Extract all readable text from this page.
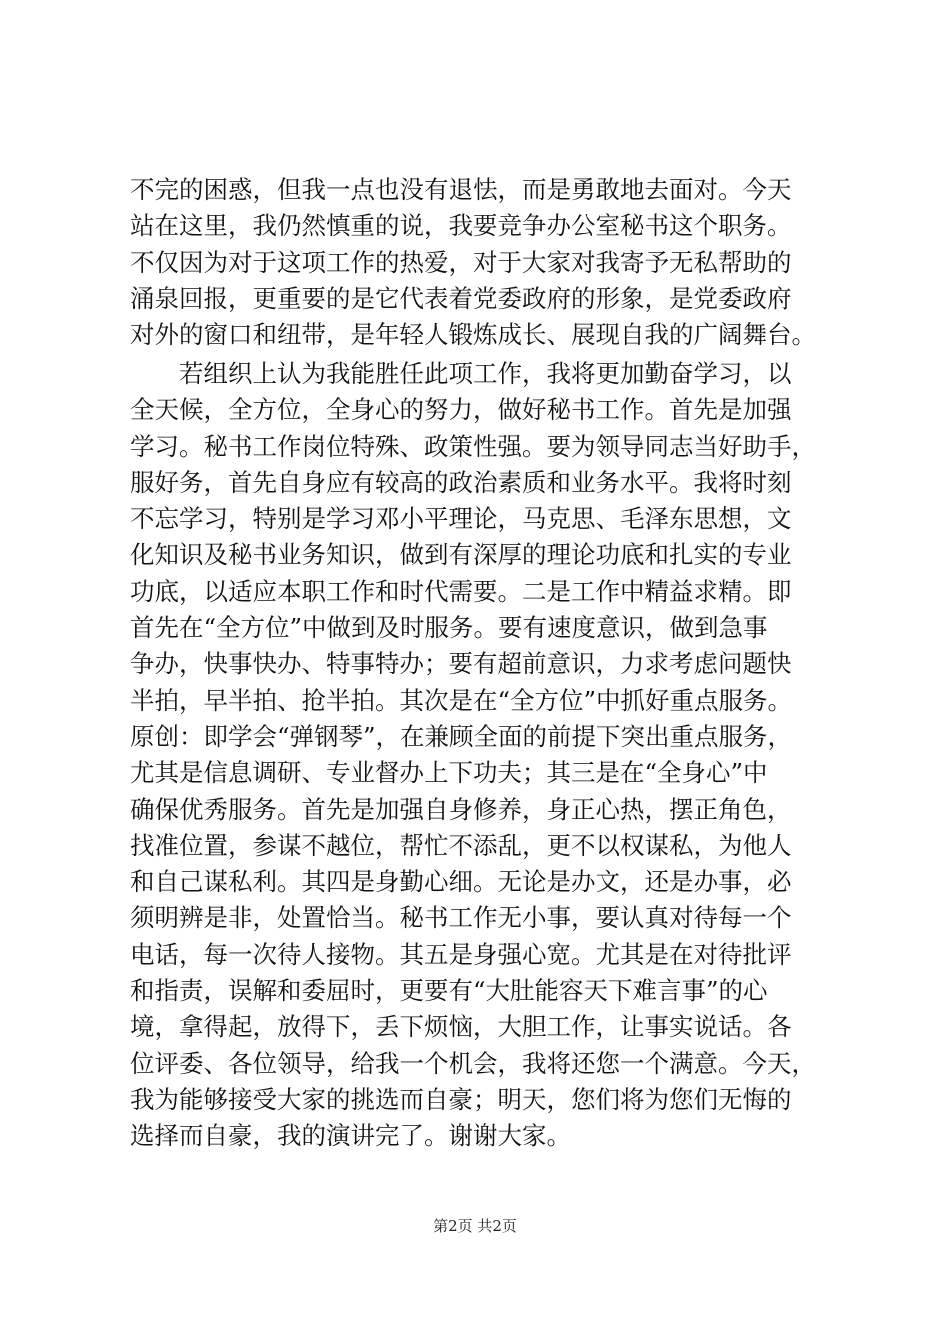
不完的困惑，但我一点也没有退怯，而是勇敢地去面对。今天
站在这里，我仍然慎重的说，我要竞争办公室秘书这个职务。
不仅因为对于这项工作的热爱，对于大家对我寄予无私帮助的
涌泉回报，更重要的是它代表着党委政府的形象，是党委政府
对外的窗口和纽带，是年轻人锻炼成长、展现自我的广阔舞台。
　　若组织上认为我能胜任此项工作，我将更加勤奋学习，以
全天候，全方位，全身心的努力，做好秘书工作。首先是加强
学习。秘书工作岗位特殊、政策性强。要为领导同志当好助手，
服好务，首先自身应有较高的政治素质和业务水平。我将时刻
不忘学习，特别是学习邓小平理论，马克思、毛泽东思想，文
化知识及秘书业务知识，做到有深厚的理论功底和扎实的专业
功底，以适应本职工作和时代需要。二是工作中精益求精。即
首先在“全方位”中做到及时服务。要有速度意识，做到急事
争办，快事快办、特事特办；要有超前意识，力求考虑问题快
半拍，早半拍、抢半拍。其次是在“全方位”中抓好重点服务。
原创：即学会“弹钢琴”，在兼顾全面的前提下突出重点服务，
尤其是信息调研、专业督办上下功夫；其三是在“全身心”中
确保优秀服务。首先是加强自身修养，身正心热，摆正角色，
找准位置，参谋不越位，帮忙不添乱，更不以权谋私，为他人
和自己谋私利。其四是身勤心细。无论是办文，还是办事，必
须明辨是非，处置恰当。秘书工作无小事，要认真对待每一个
电话，每一次待人接物。其五是身强心宽。尤其是在对待批评
和指责，误解和委屈时，更要有“大肚能容天下难言事”的心
境，拿得起，放得下，丢下烦恼，大胆工作，让事实说话。各
位评委、各位领导，给我一个机会，我将还您一个满意。今天，
我为能够接受大家的挑选而自豪；明天，您们将为您们无悔的
选择而自豪，我的演讲完了。谢谢大家。
第2页 共2页
